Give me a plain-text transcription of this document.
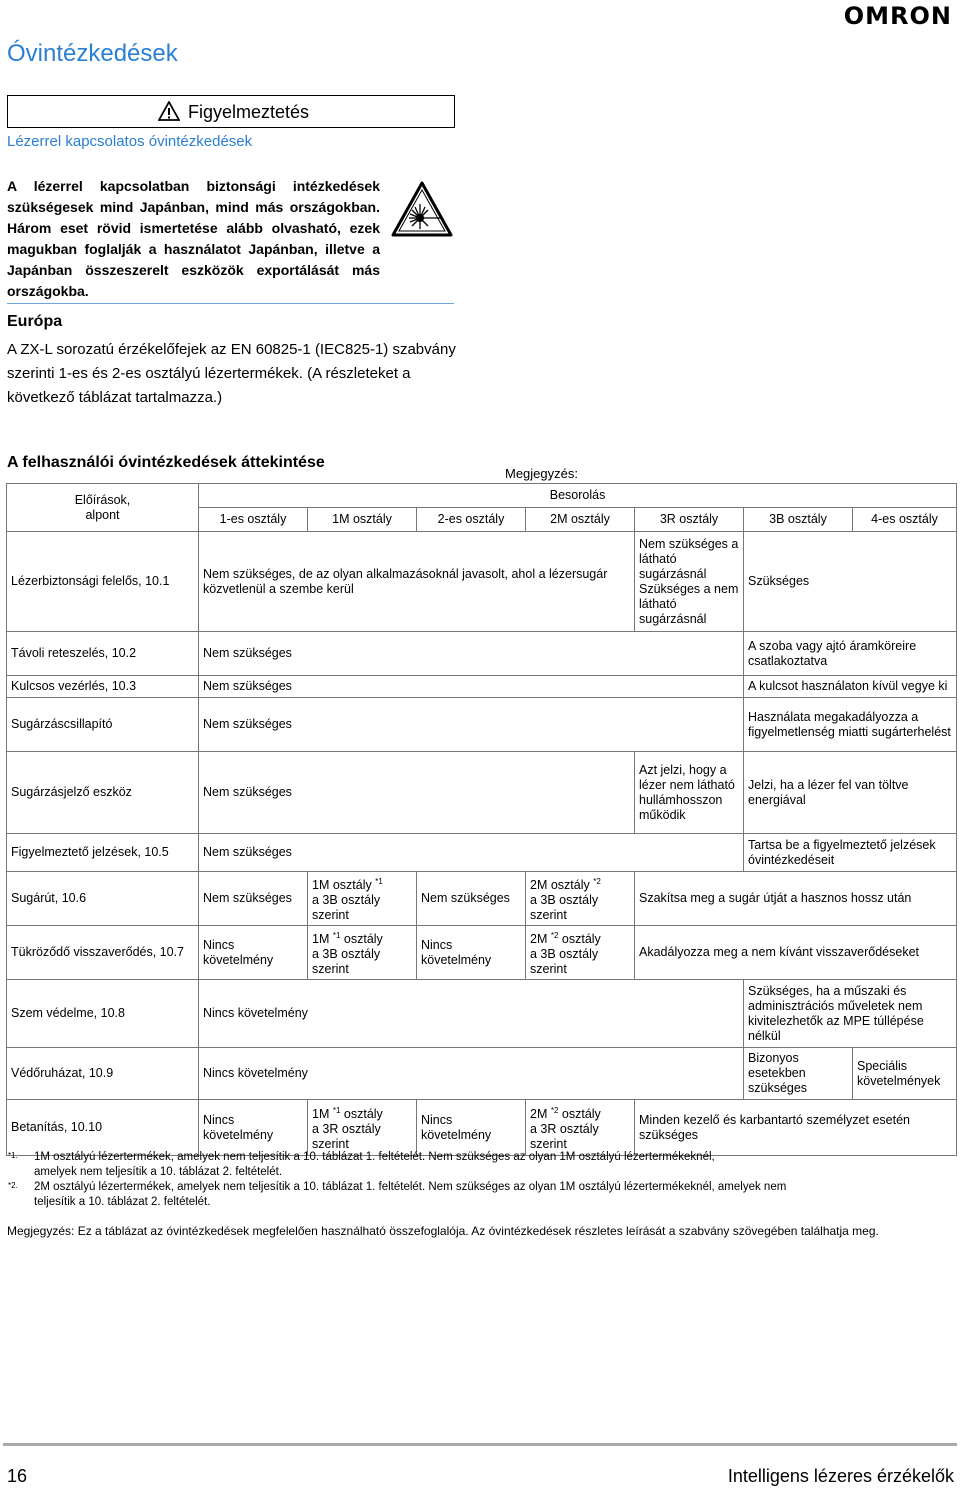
OMRON
Óvintézkedések
Figyelmeztetés
Lézerrel kapcsolatos óvintézkedések
A lézerrel kapcsolatban biztonsági intézkedések szükségesek mind Japánban, mind más országokban. Három eset rövid ismertetése alább olvasható, ezek magukban foglalják a használatot Japánban, illetve a Japánban összeszerelt eszközök exportálását más országokba.
Európa
A ZX-L sorozatú érzékelőfejek az EN 60825-1 (IEC825-1) szabvány szerinti 1-es és 2-es osztályú lézertermékek. (A részleteket a következő táblázat tartalmazza.)
A felhasználói óvintézkedések áttekintése
Megjegyzés:
Előírások, alpont	Besorolás						
	1-es osztály	1M osztály	2-es osztály	2M osztály	3R osztály	3B osztály	4-es osztály
Lézerbiztonsági felelős, 10.1	Nem szükséges, de az olyan alkalmazásoknál javasolt, ahol a lézersugár közvetlenül a szembe kerül				Nem szükséges a látható sugárzásnál
Szükséges a nem látható sugárzásnál	Szükséges	
Távoli reteszelés, 10.2	Nem szükséges					A szoba vagy ajtó áramköreire csatlakoztatva	
Kulcsos vezérlés, 10.3	Nem szükséges					A kulcsot használaton kívül vegye ki	
Sugárzáscsillapító	Nem szükséges					Használata megakadályozza a figyelmetlenség miatti sugárterhelést	
Sugárzásjelző eszköz	Nem szükséges				Azt jelzi, hogy a lézer nem látható hullámhosszon működik	Jelzi, ha a lézer fel van töltve energiával	
Figyelmeztető jelzések, 10.5	Nem szükséges					Tartsa be a figyelmeztető jelzések óvintézkedéseit	
Sugárút, 10.6	Nem szükséges	1M osztály $^{*1}$
a 3B osztály szerint	Nem szükséges	2M osztály $^{*2}$
a 3B osztály szerint	Szakítsa meg a sugár útját a hasznos hossz után		
Tükröződő visszaverődés, 10.7	Nincs követelmény	1M $^{*1}$ osztály
a 3B osztály szerint	Nincs követelmény	2M $^{*2}$ osztály
a 3B osztály szerint	Akadályozza meg a nem kívánt visszaverődéseket		
Szem védelme, 10.8	Nincs követelmény					Szükséges, ha a műszaki és adminisztrációs műveletek nem kivitelezhetők az MPE túllépése nélkül	
Védőruházat, 10.9	Nincs követelmény					Bizonyos esetekben szükséges	Speciális követelmények
Betanítás, 10.10	Nincs követelmény	1M $^{*1}$ osztály
a 3R osztály szerint	Nincs követelmény	2M $^{*2}$ osztály
a 3R osztály szerint	Minden kezelő és karbantartó személyzet esetén szükséges		
*1. 1M osztályú lézertermékek, amelyek nem teljesítik a 10. táblázat 1. feltételét. Nem szükséges az olyan 1M osztályú lézertermékeknél, amelyek nem teljesítik a 10. táblázat 2. feltételét.
*2. 2M osztályú lézertermékek, amelyek nem teljesítik a 10. táblázat 1. feltételét. Nem szükséges az olyan 1M osztályú lézertermékeknél, amelyek nem teljesítik a 10. táblázat 2. feltételét.
Megjegyzés: Ez a táblázat az óvintézkedések megfelelően használható összefoglalója. Az óvintézkedések részletes leírását a szabvány szövegében találhatja meg.
16	Intelligens lézeres érzékelők
